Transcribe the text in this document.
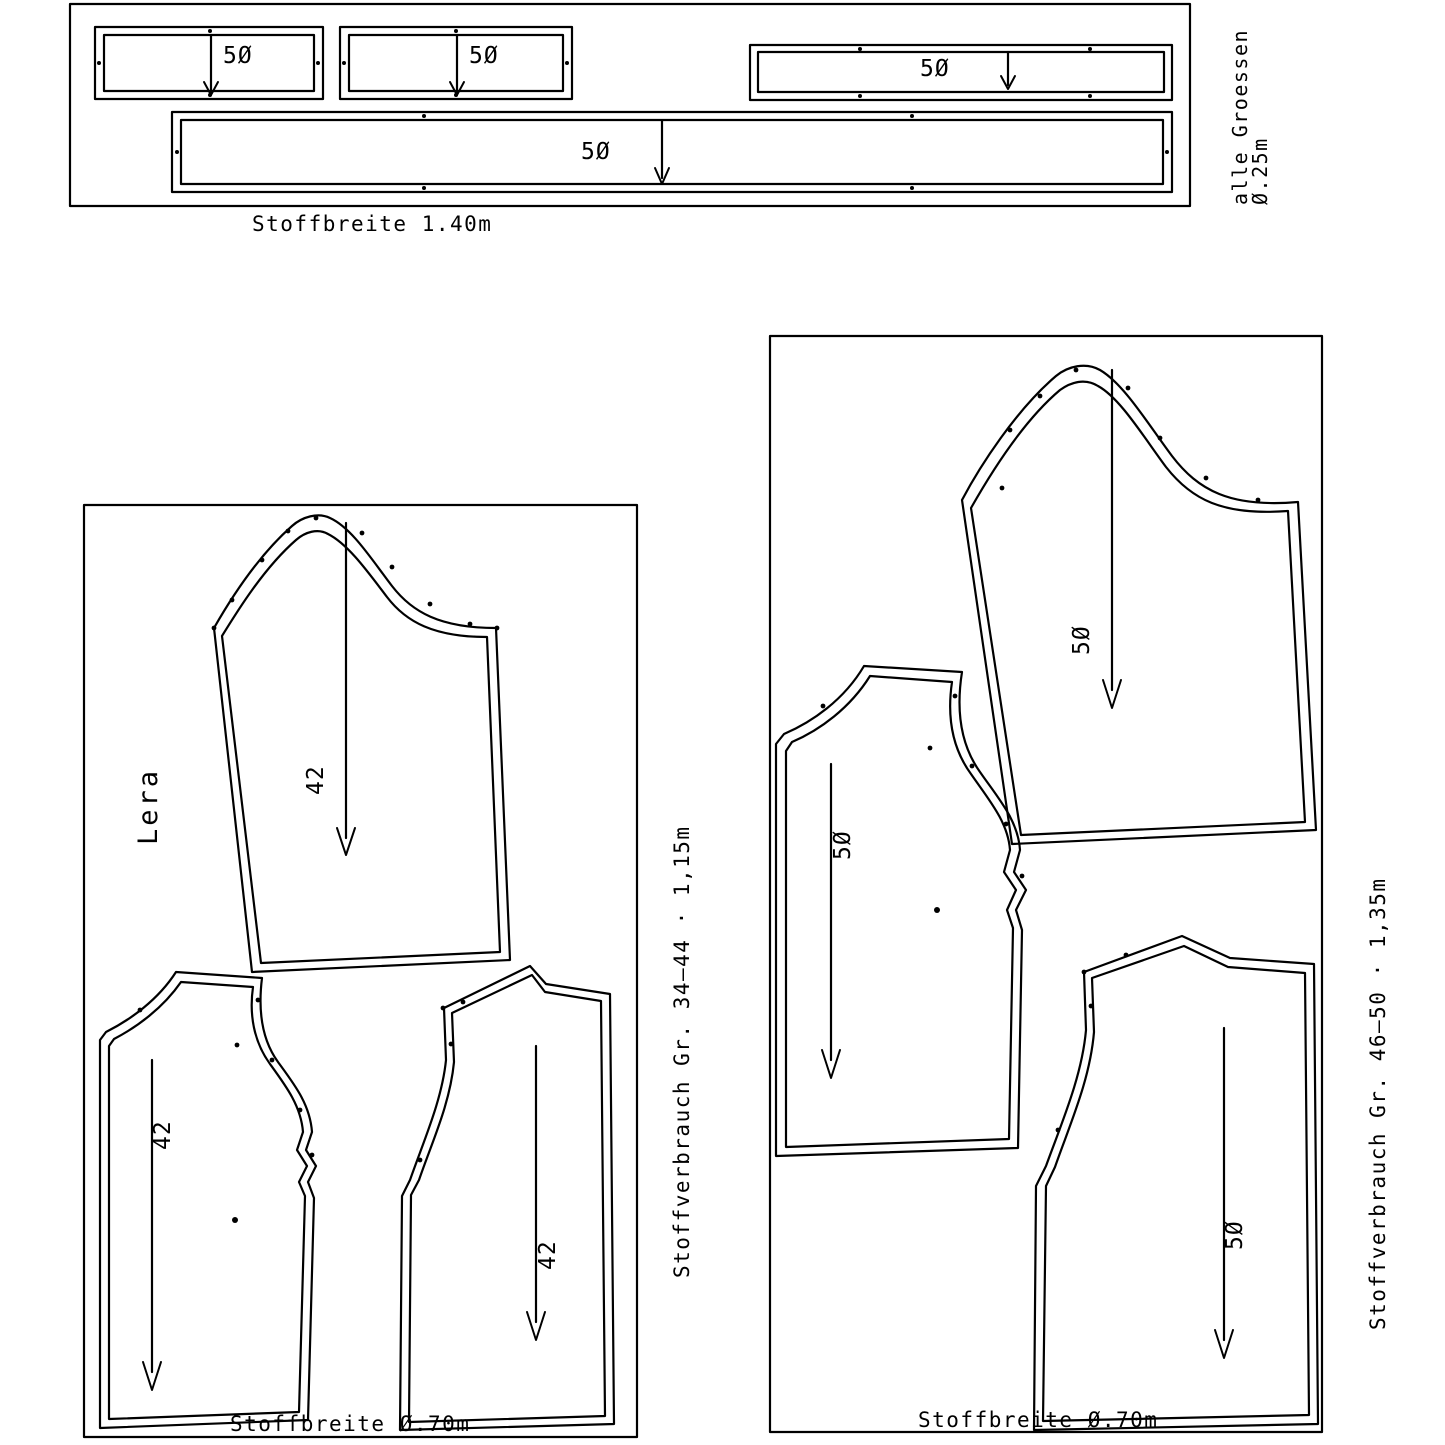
5Ø	5Ø	5Ø
5Ø
Stoffbreite 1.40m
alle Groessen
Ø.25m
Lera	42
42
42
Stoffbreite Ø.70m
Stoffverbrauch Gr. 34–44 · 1,15m
5Ø
5Ø
5Ø
Stoffbreite Ø.70m
Stoffverbrauch Gr. 46–50 · 1,35m
